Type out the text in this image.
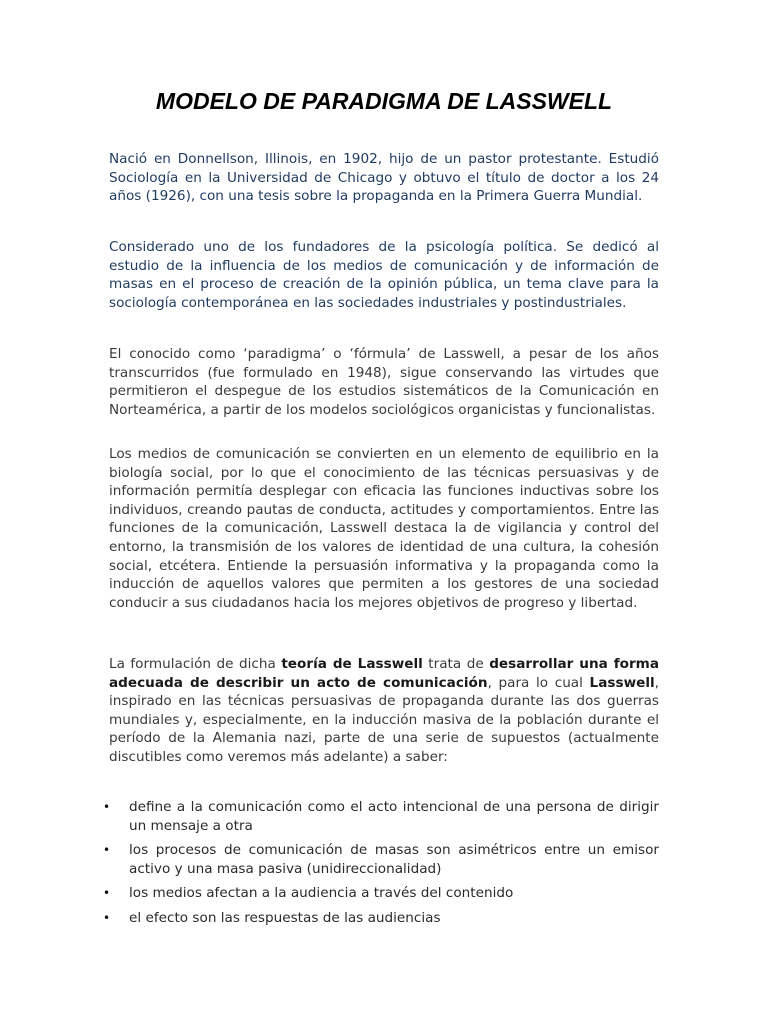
MODELO DE PARADIGMA DE LASSWELL

Nació en Donnellson, Illinois, en 1902, hijo de un pastor protestante. Estudió Sociología en la Universidad de Chicago y obtuvo el título de doctor a los 24 años (1926), con una tesis sobre la propaganda en la Primera Guerra Mundial.

Considerado uno de los fundadores de la psicología política. Se dedicó al estudio de la influencia de los medios de comunicación y de información de masas en el proceso de creación de la opinión pública, un tema clave para la sociología contemporánea en las sociedades industriales y postindustriales.

El conocido como ‘paradigma’ o ‘fórmula’ de Lasswell, a pesar de los años transcurridos (fue formulado en 1948), sigue conservando las virtudes que permitieron el despegue de los estudios sistemáticos de la Comunicación en Norteamérica, a partir de los modelos sociológicos organicistas y funcionalistas.

Los medios de comunicación se convierten en un elemento de equilibrio en la biología social, por lo que el conocimiento de las técnicas persuasivas y de información permitía desplegar con eficacia las funciones inductivas sobre los individuos, creando pautas de conducta, actitudes y comportamientos. Entre las funciones de la comunicación, Lasswell destaca la de vigilancia y control del entorno, la transmisión de los valores de identidad de una cultura, la cohesión social, etcétera. Entiende la persuasión informativa y la propaganda como la inducción de aquellos valores que permiten a los gestores de una sociedad conducir a sus ciudadanos hacia los mejores objetivos de progreso y libertad.

La formulación de dicha teoría de Lasswell trata de desarrollar una forma adecuada de describir un acto de comunicación, para lo cual Lasswell, inspirado en las técnicas persuasivas de propaganda durante las dos guerras mundiales y, especialmente, en la inducción masiva de la población durante el período de la Alemania nazi, parte de una serie de supuestos (actualmente discutibles como veremos más adelante) a saber:

• define a la comunicación como el acto intencional de una persona de dirigir un mensaje a otra
• los procesos de comunicación de masas son asimétricos entre un emisor activo y una masa pasiva (unidireccionalidad)
• los medios afectan a la audiencia a través del contenido
• el efecto son las respuestas de las audiencias
